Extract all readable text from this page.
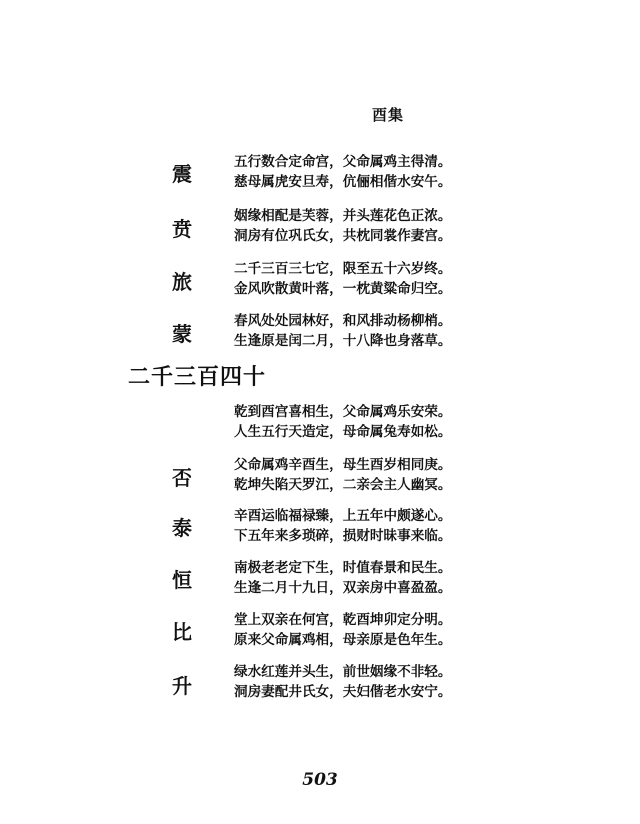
酉集
震
贲
旅
蒙
二千三百四十
否
泰
恒
比
升
五行数合定命宫，父命属鸡主得清。
慈母属虎安旦寿，伉俪相偕水安午。
姻缘相配是芙蓉，并头莲花色正浓。
洞房有位巩氏女，共枕同裳作妻宫。
二千三百三七它，限至五十六岁终。
金风吹散黄叶落，一枕黄粱命归空。
春风处处园林好，和风排动杨柳梢。
生逢原是闰二月，十八降也身落草。
乾到酉宫喜相生，父命属鸡乐安荣。
人生五行天造定，母命属兔寿如松。
父命属鸡辛酉生，母生酉岁相同庚。
乾坤失陷天罗江，二亲会主人幽冥。
辛酉运临福禄臻，上五年中颇遂心。
下五年来多琐碎，损财时昧事来临。
南极老老定下生，时值春景和民生。
生逢二月十九日，双亲房中喜盈盈。
堂上双亲在何宫，乾酉坤卯定分明。
原来父命属鸡相，母亲原是色年生。
绿水红莲并头生，前世姻缘不非轻。
洞房妻配井氏女，夫妇偕老水安宁。
503
